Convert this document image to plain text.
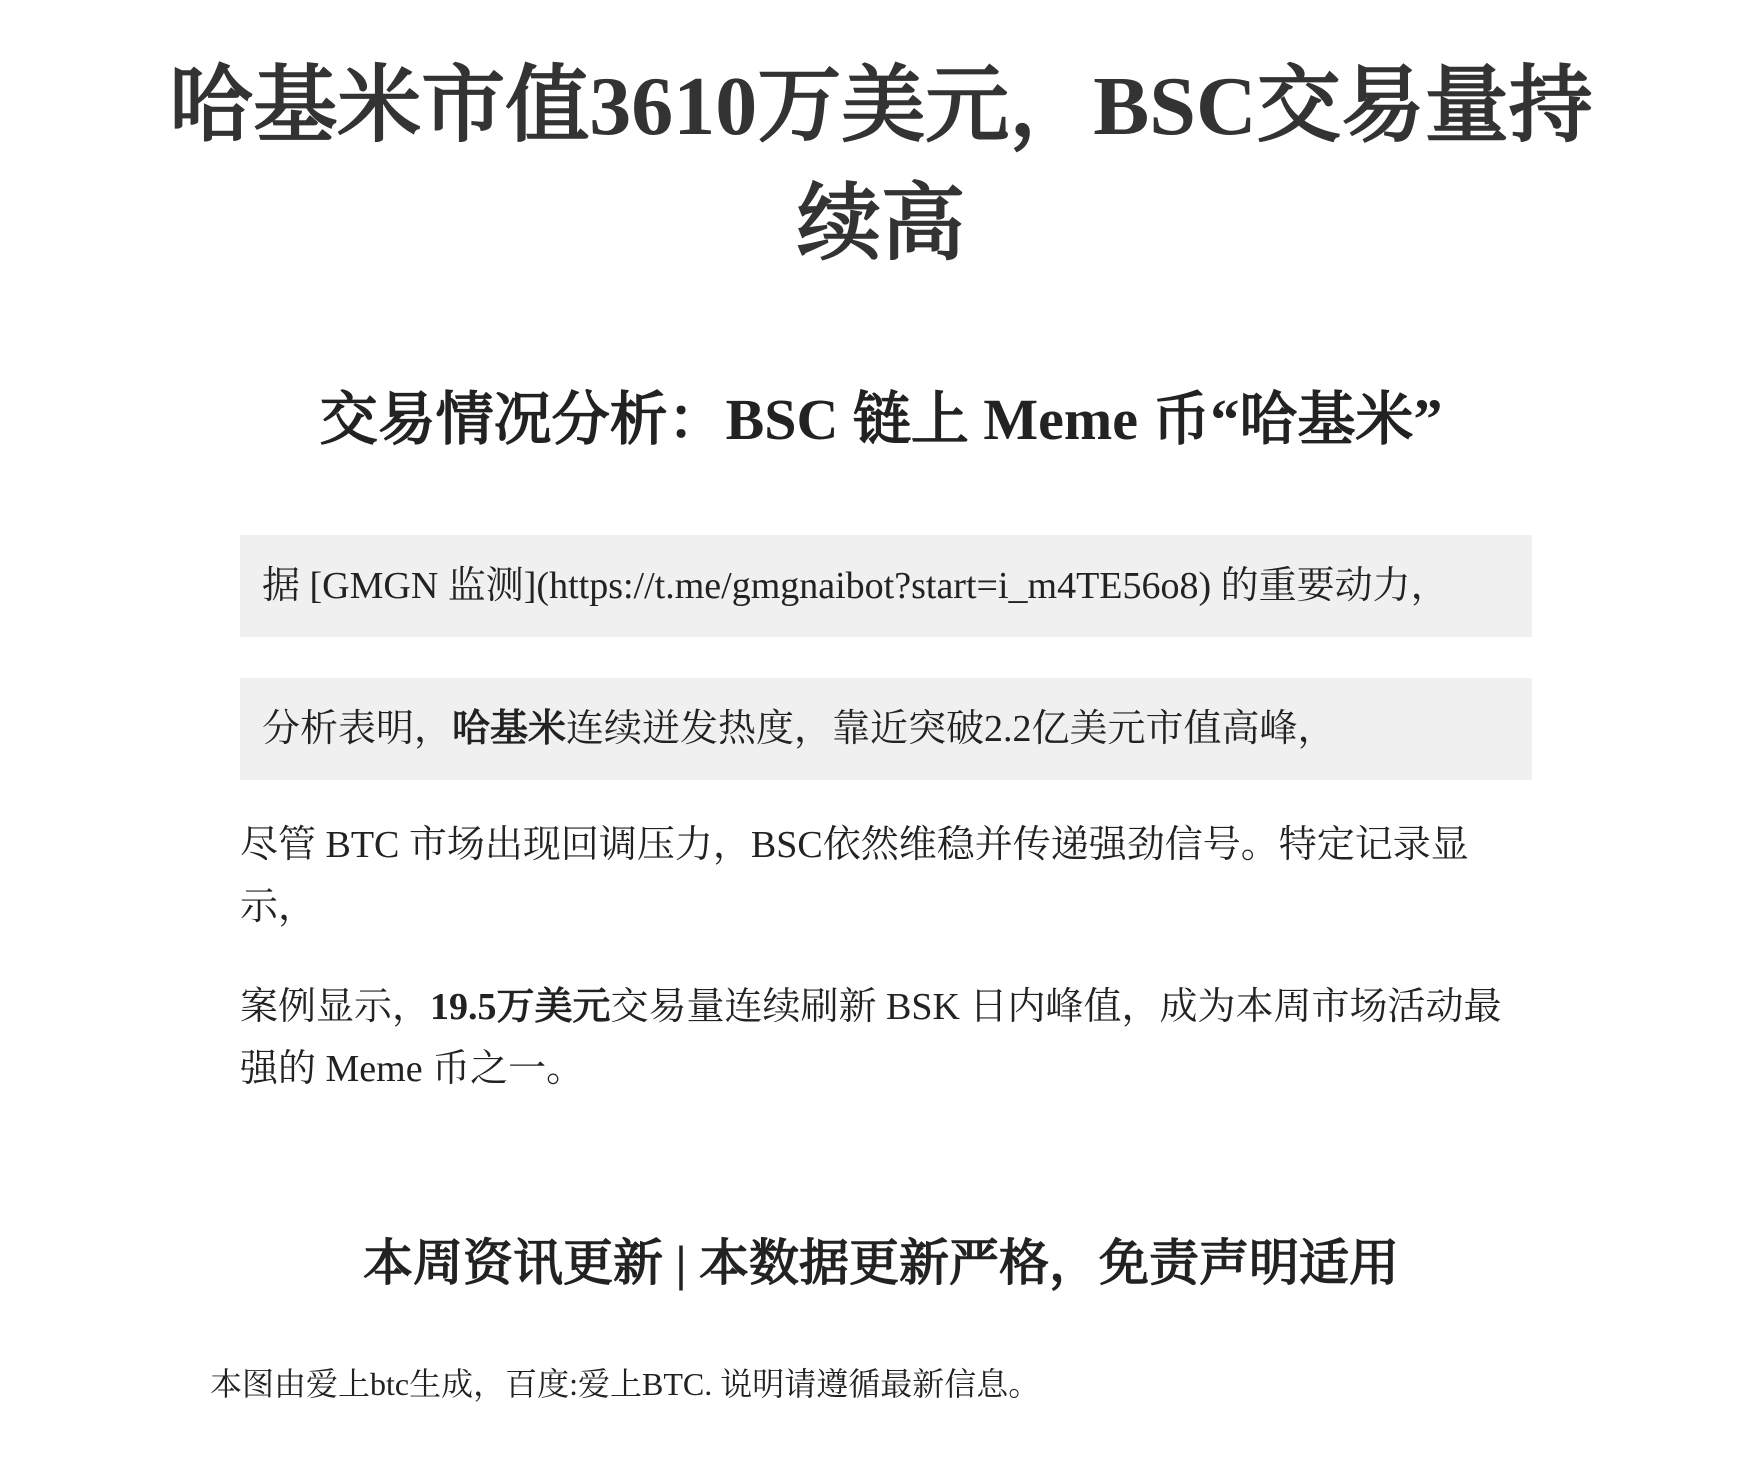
哈基米市值3610万美元，BSC交易量持续高
交易情况分析：BSC 链上 Meme 币“哈基米”
据 [GMGN 监测](https://t.me/gmgnaibot?start=i_m4TE56o8) 的重要动力，
分析表明，哈基米连续迸发热度，靠近突破2.2亿美元市值高峰，

尽管 BTC 市场出现回调压力，BSC依然维稳并传递强劲信号。特定记录显示，

案例显示，19.5万美元交易量连续刷新 BSK 日内峰值，成为本周市场活动最强的 Meme 币之一。

本周资讯更新 | 本数据更新严格，免责声明适用

本图由爱上btc生成，百度:爱上BTC. 说明请遵循最新信息。
